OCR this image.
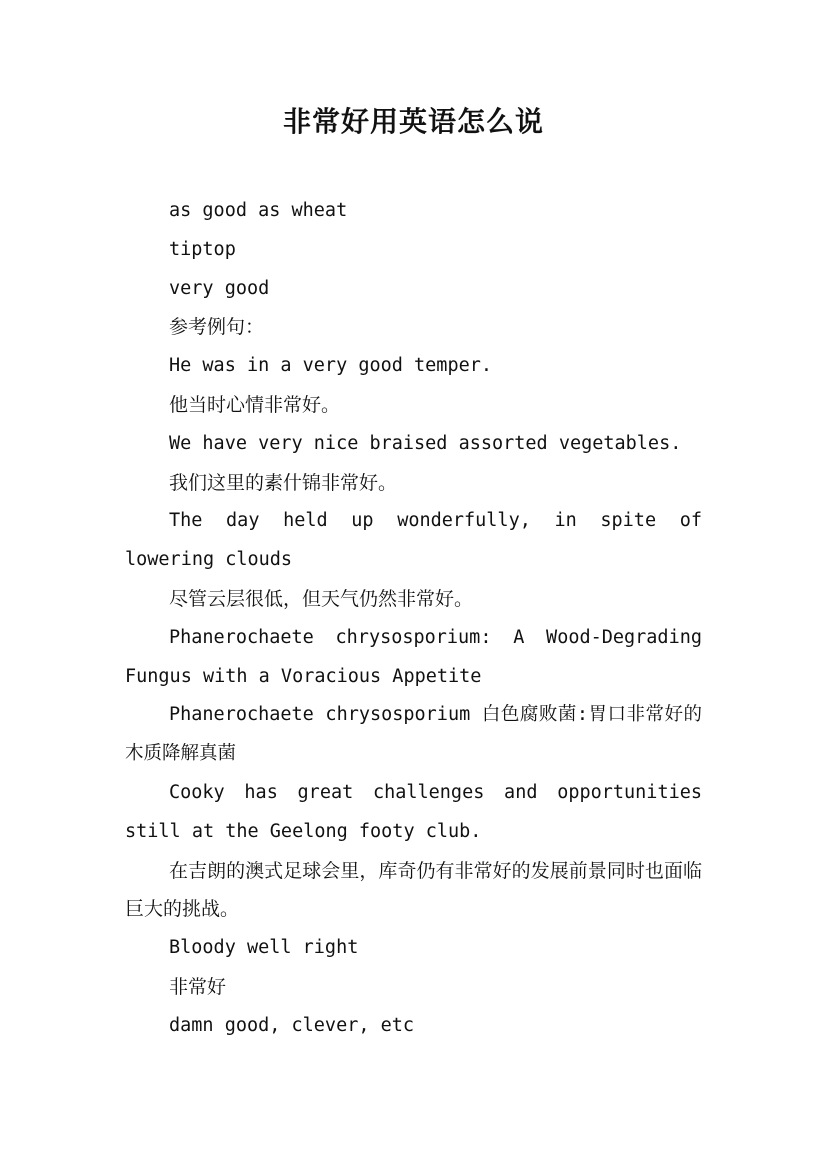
非常好用英语怎么说

as good as wheat

tiptop

very good

参考例句：

He was in a very good temper.

他当时心情非常好。

We have very nice braised assorted vegetables.

我们这里的素什锦非常好。

The day held up wonderfully, in spite of lowering clouds

尽管云层很低，但天气仍然非常好。

Phanerochaete chrysosporium: A Wood-Degrading Fungus with a Voracious Appetite

Phanerochaete chrysosporium 白色腐败菌:胃口非常好的木质降解真菌

Cooky has great challenges and opportunities still at the Geelong footy club.

在吉朗的澳式足球会里，库奇仍有非常好的发展前景同时也面临巨大的挑战。

Bloody well right

非常好

damn good, clever, etc
